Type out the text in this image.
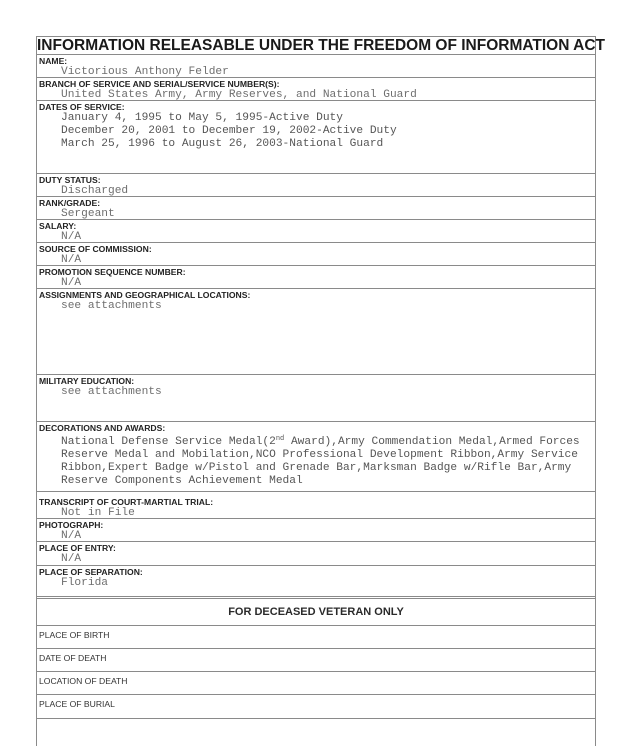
INFORMATION RELEASABLE UNDER THE FREEDOM OF INFORMATION ACT
NAME:
Victorious Anthony Felder
BRANCH OF SERVICE AND SERIAL/SERVICE NUMBER(S):
United States Army, Army Reserves, and National Guard
DATES OF SERVICE:
January 4, 1995 to May 5, 1995-Active Duty
December 20, 2001 to December 19, 2002-Active Duty
March 25, 1996 to August 26, 2003-National Guard
DUTY STATUS:
Discharged
RANK/GRADE:
Sergeant
SALARY:
N/A
SOURCE OF COMMISSION:
N/A
PROMOTION SEQUENCE NUMBER:
N/A
ASSIGNMENTS AND GEOGRAPHICAL LOCATIONS:
see attachments
MILITARY EDUCATION:
see attachments
DECORATIONS AND AWARDS:
National Defense Service Medal(2nd Award),Army Commendation Medal,Armed Forces
Reserve Medal and Mobilation,NCO Professional Development Ribbon,Army Service
Ribbon,Expert Badge w/Pistol and Grenade Bar,Marksman Badge w/Rifle Bar,Army
Reserve Components Achievement Medal
TRANSCRIPT OF COURT-MARTIAL TRIAL:
Not in File
PHOTOGRAPH:
N/A
PLACE OF ENTRY:
N/A
PLACE OF SEPARATION:
Florida
FOR DECEASED VETERAN ONLY
PLACE OF BIRTH
DATE OF DEATH
LOCATION OF DEATH
PLACE OF BURIAL
